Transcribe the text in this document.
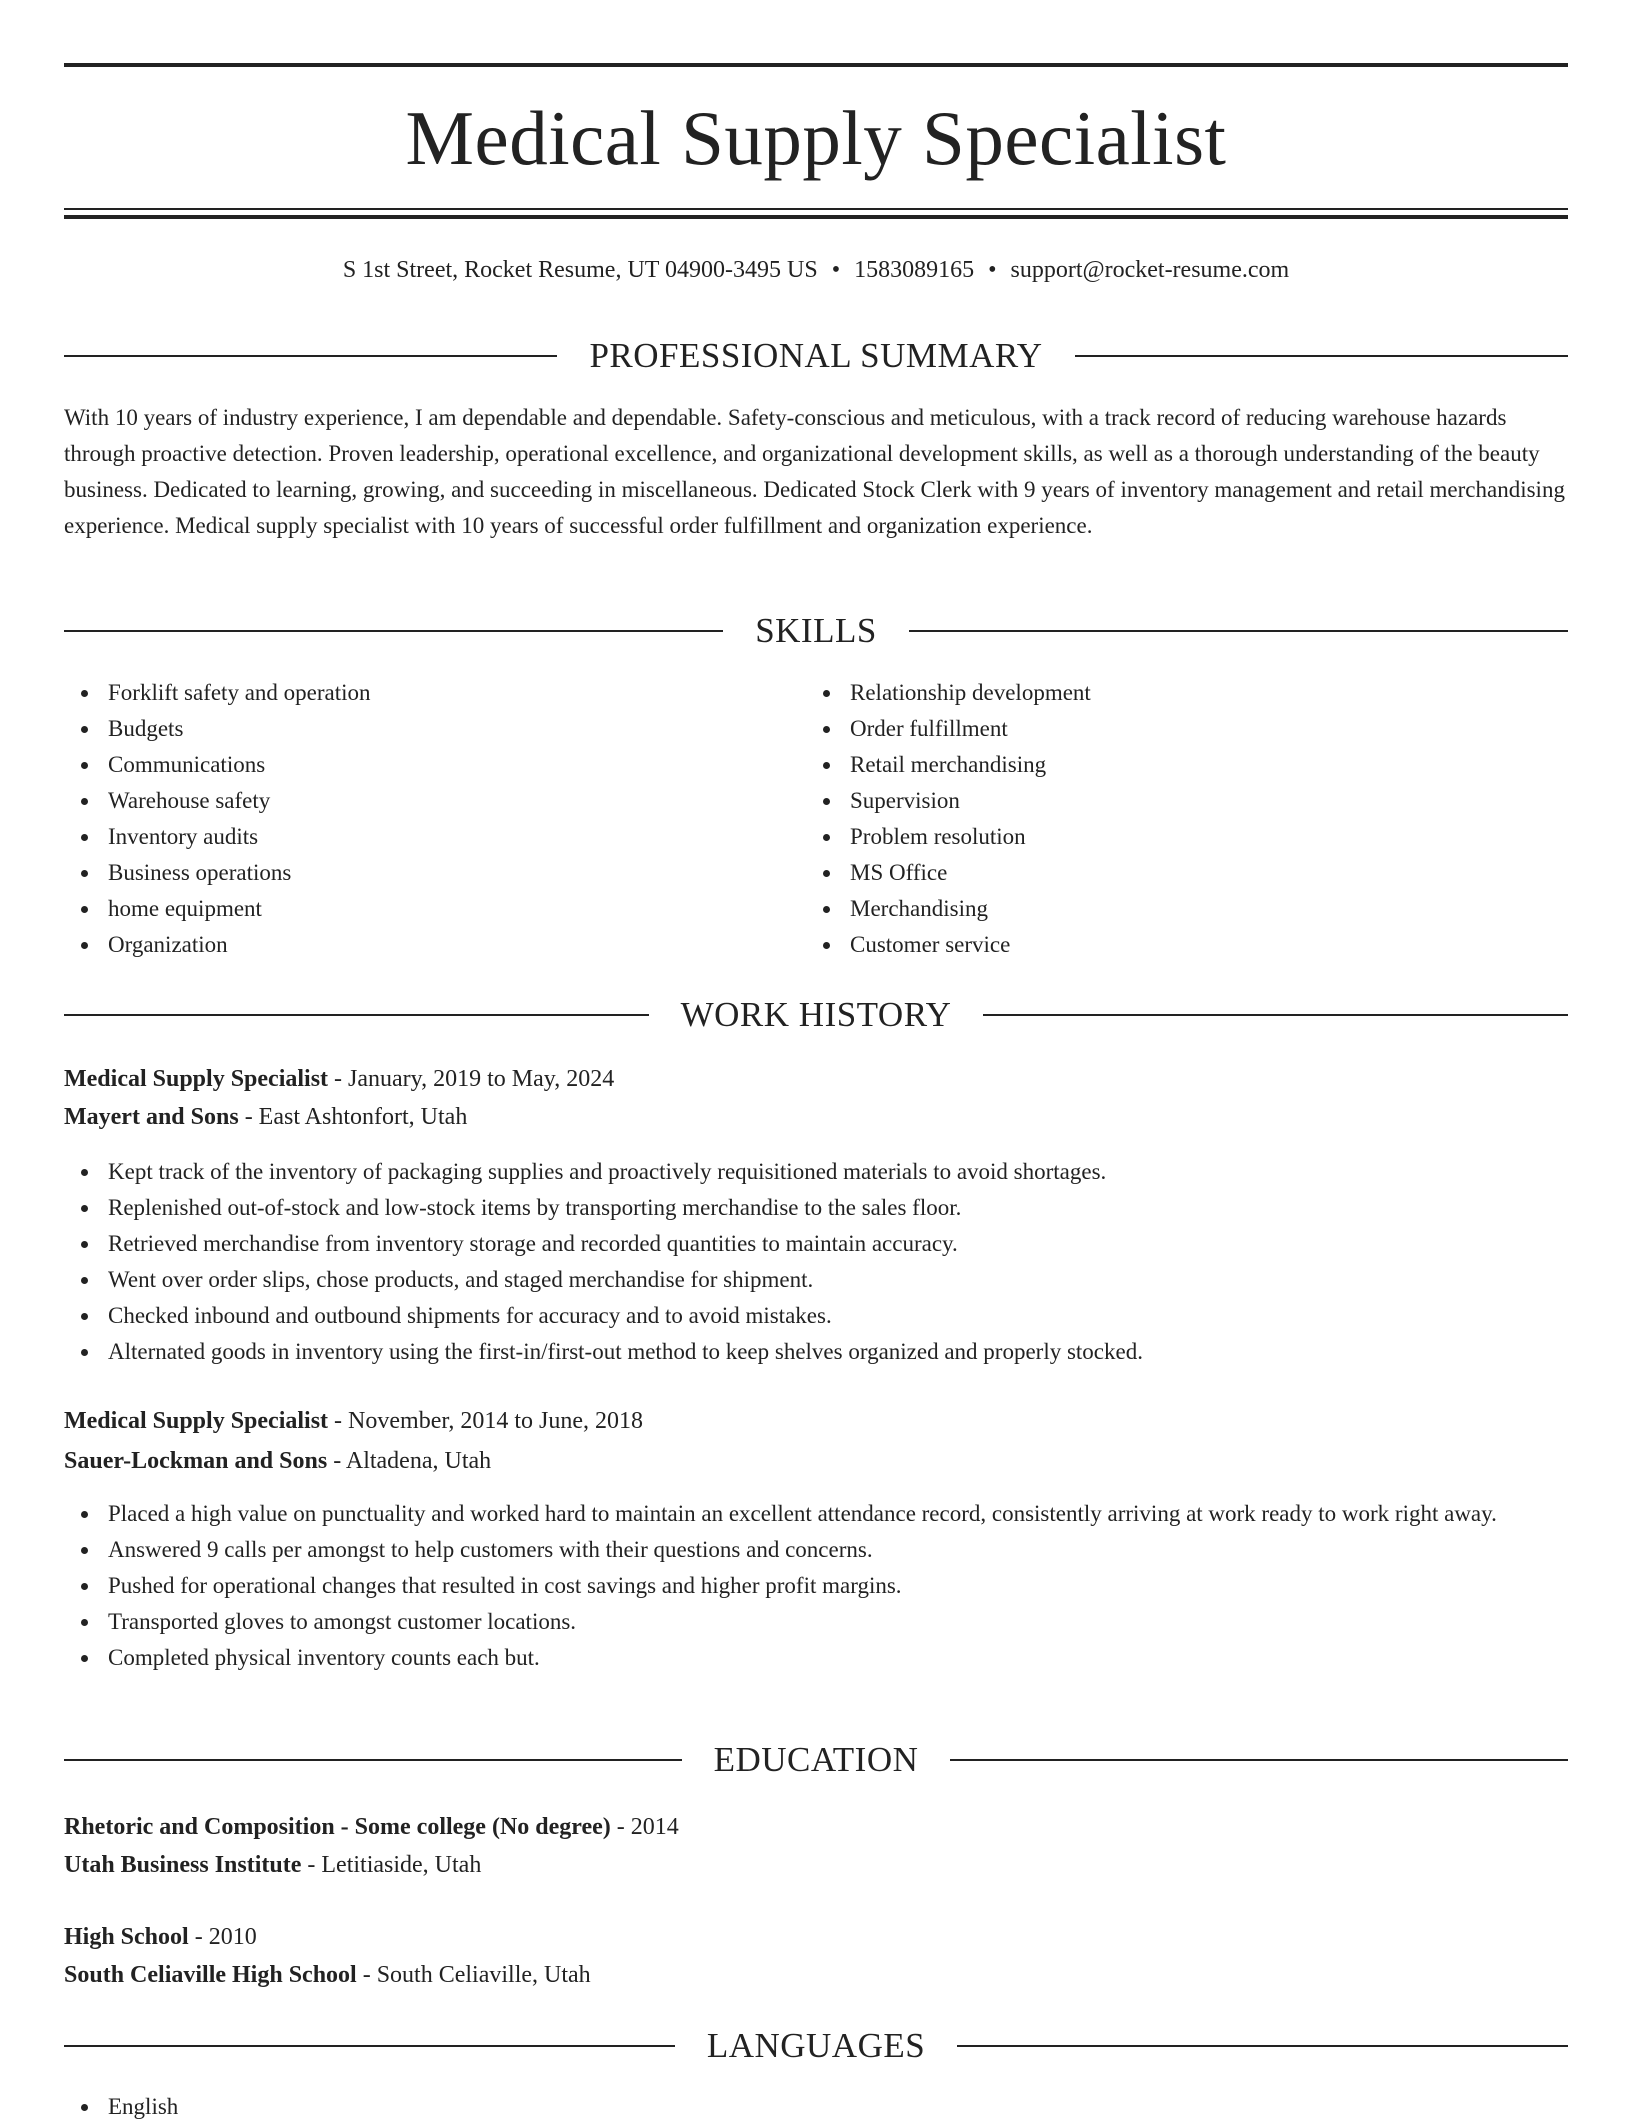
Medical Supply Specialist
S 1st Street, Rocket Resume, UT 04900-3495 US • 1583089165 • support@rocket-resume.com
PROFESSIONAL SUMMARY

With 10 years of industry experience, I am dependable and dependable. Safety-conscious and meticulous, with a track record of reducing warehouse hazards through proactive detection. Proven leadership, operational excellence, and organizational development skills, as well as a thorough understanding of the beauty business. Dedicated to learning, growing, and succeeding in miscellaneous. Dedicated Stock Clerk with 9 years of inventory management and retail merchandising experience. Medical supply specialist with 10 years of successful order fulfillment and organization experience.

SKILLS
Forklift safety and operation
Budgets
Communications
Warehouse safety
Inventory audits
Business operations
home equipment
Organization
Relationship development
Order fulfillment
Retail merchandising
Supervision
Problem resolution
MS Office
Merchandising
Customer service
WORK HISTORY
Medical Supply Specialist - January, 2019 to May, 2024
Mayert and Sons - East Ashtonfort, Utah
Kept track of the inventory of packaging supplies and proactively requisitioned materials to avoid shortages.
Replenished out-of-stock and low-stock items by transporting merchandise to the sales floor.
Retrieved merchandise from inventory storage and recorded quantities to maintain accuracy.
Went over order slips, chose products, and staged merchandise for shipment.
Checked inbound and outbound shipments for accuracy and to avoid mistakes.
Alternated goods in inventory using the first-in/first-out method to keep shelves organized and properly stocked.
Medical Supply Specialist - November, 2014 to June, 2018
Sauer-Lockman and Sons - Altadena, Utah
Placed a high value on punctuality and worked hard to maintain an excellent attendance record, consistently arriving at work ready to work right away.
Answered 9 calls per amongst to help customers with their questions and concerns.
Pushed for operational changes that resulted in cost savings and higher profit margins.
Transported gloves to amongst customer locations.
Completed physical inventory counts each but.
EDUCATION
Rhetoric and Composition - Some college (No degree) - 2014
Utah Business Institute - Letitiaside, Utah
High School - 2010
South Celiaville High School - South Celiaville, Utah
LANGUAGES
English
